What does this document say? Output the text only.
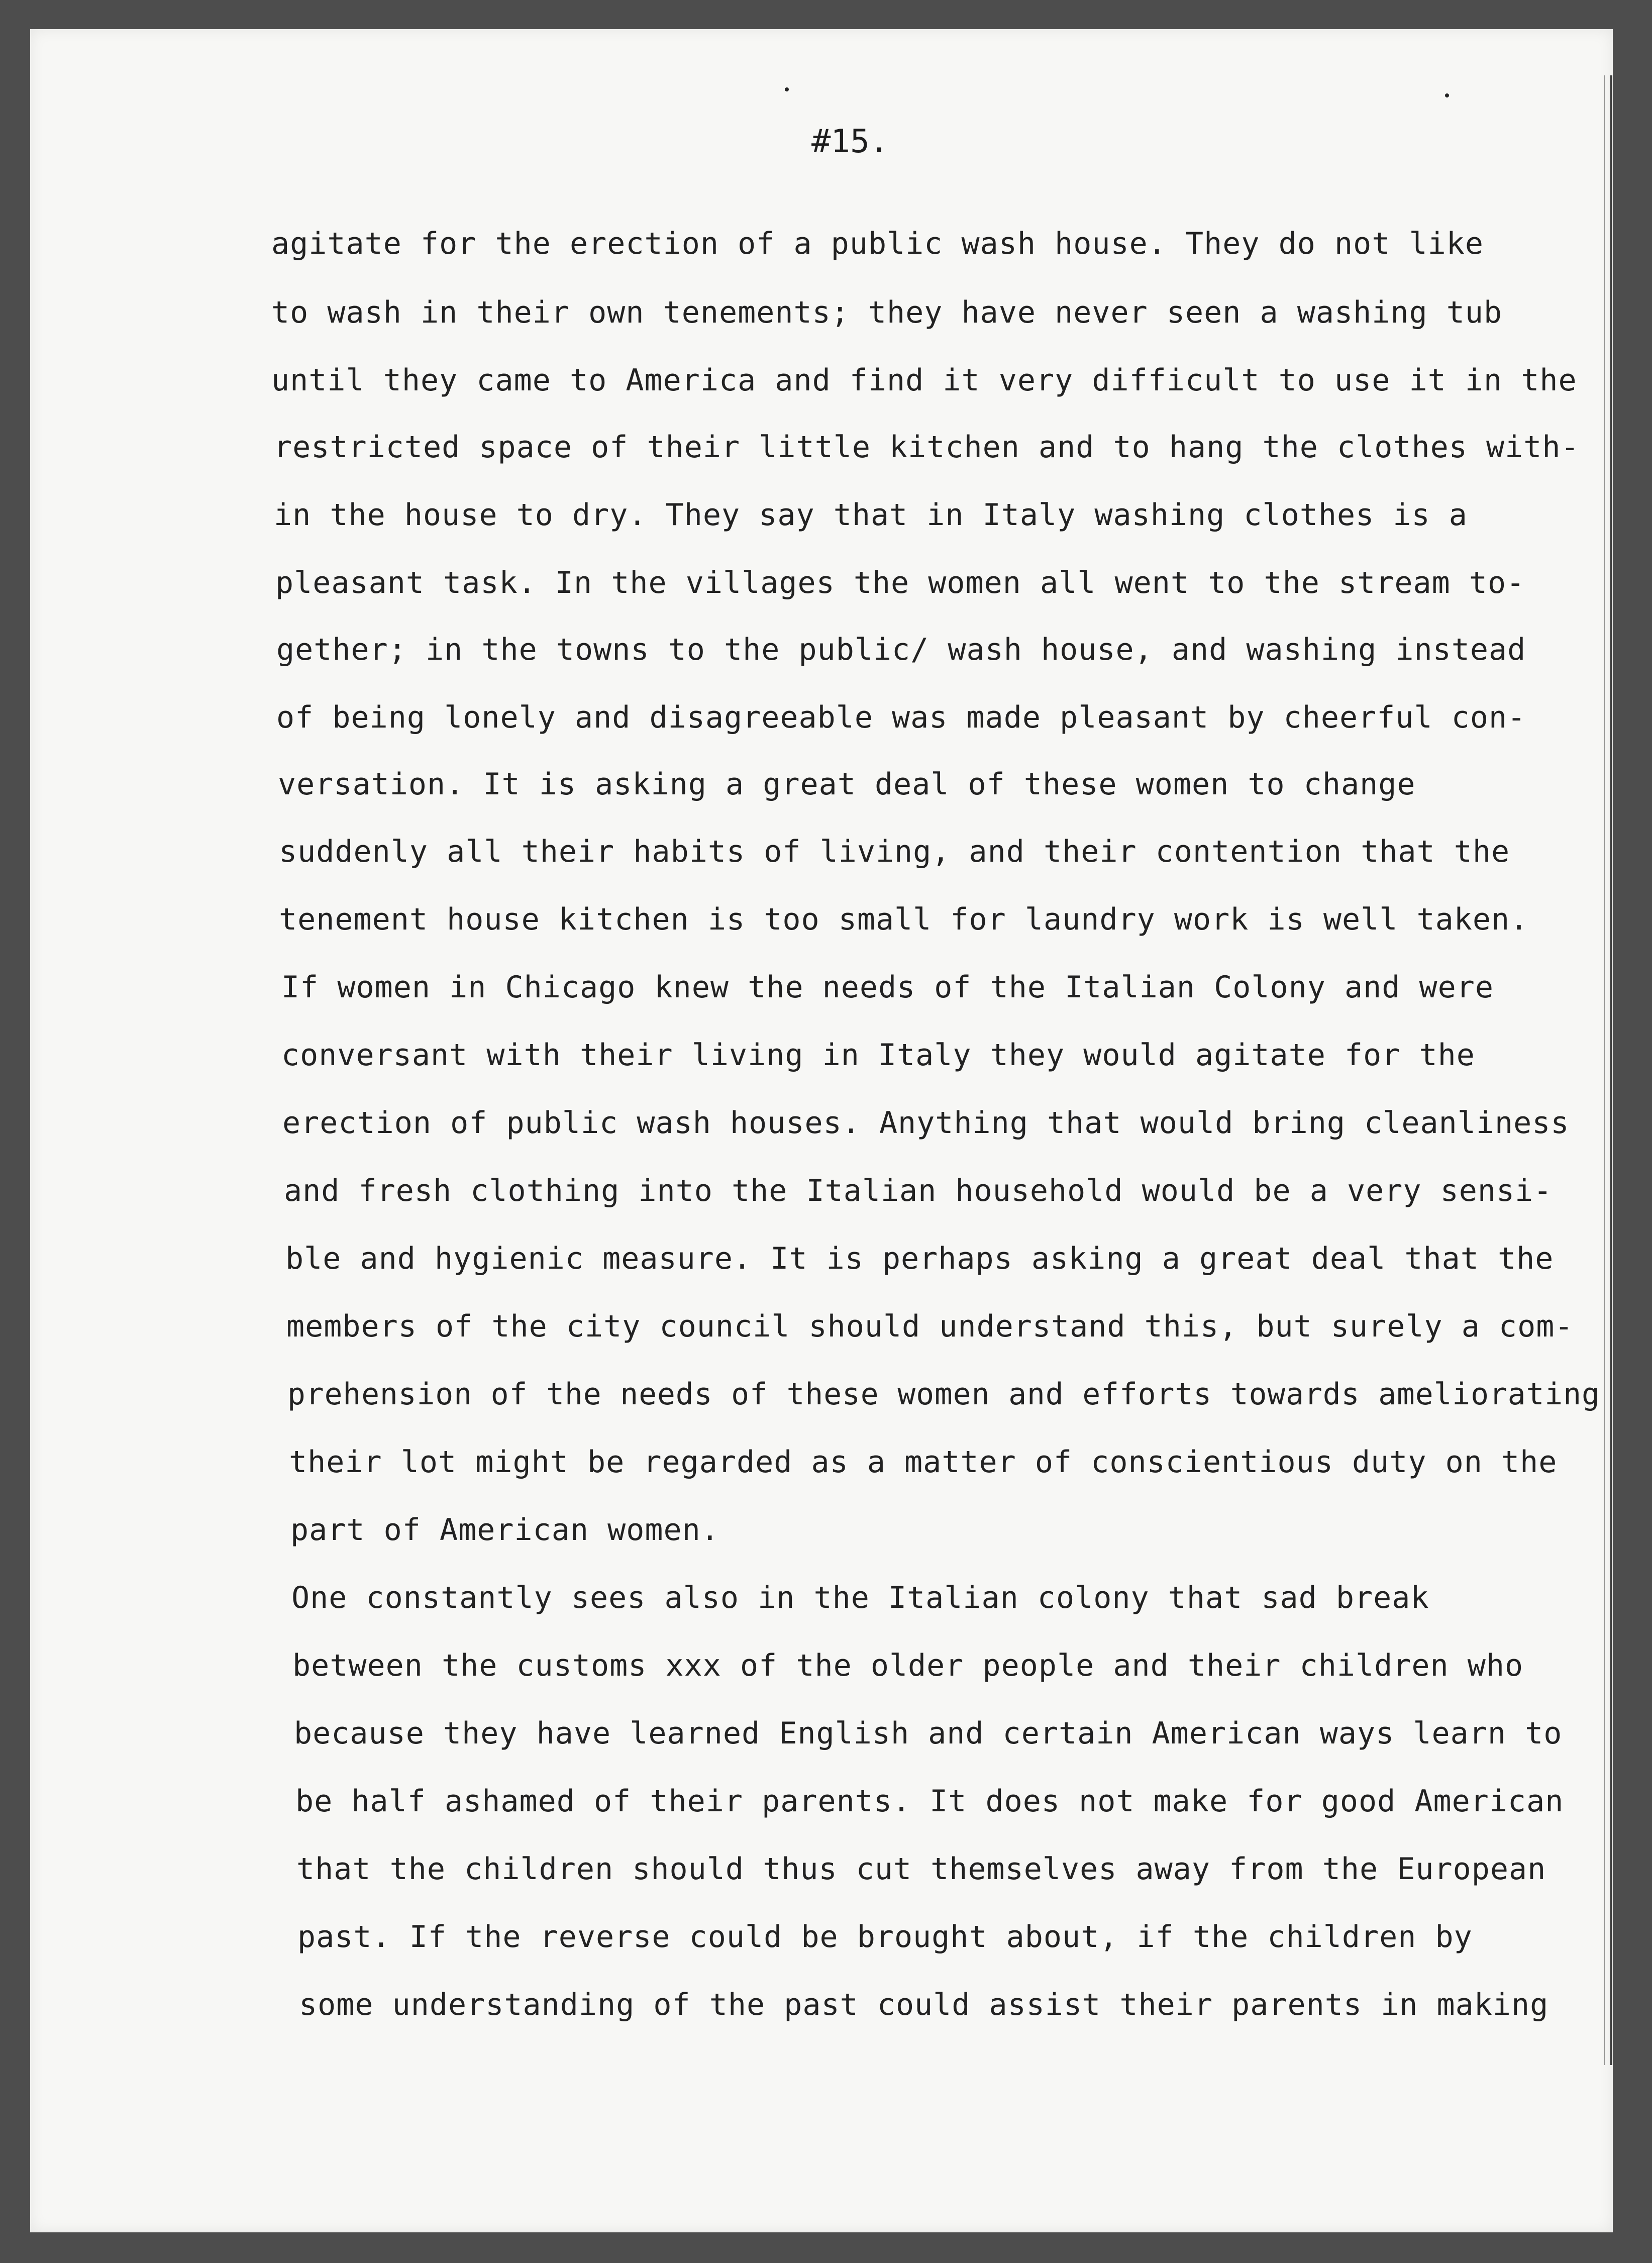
#15.
agitate for the erection of a public wash house. They do not like
to wash in their own tenements; they have never seen a washing tub
until they came to America and find it very difficult to use it in the
restricted space of their little kitchen and to hang the clothes with-
in the house to dry. They say that in Italy washing clothes is a
pleasant task. In the villages the women all went to the stream to-
gether; in the towns to the public/ wash house, and washing instead
of being lonely and disagreeable was made pleasant by cheerful con-
versation. It is asking a great deal of these women to change
suddenly all their habits of living, and their contention that the
tenement house kitchen is too small for laundry work is well taken.
If women in Chicago knew the needs of the Italian Colony and were
conversant with their living in Italy they would agitate for the
erection of public wash houses. Anything that would bring cleanliness
and fresh clothing into the Italian household would be a very sensi-
ble and hygienic measure. It is perhaps asking a great deal that the
members of the city council should understand this, but surely a com-
prehension of the needs of these women and efforts towards ameliorating
their lot might be regarded as a matter of conscientious duty on the
part of American women.
One constantly sees also in the Italian colony that sad break
between the customs xxx of the older people and their children who
because they have learned English and certain American ways learn to
be half ashamed of their parents. It does not make for good American
that the children should thus cut themselves away from the European
past. If the reverse could be brought about, if the children by
some understanding of the past could assist their parents in making
